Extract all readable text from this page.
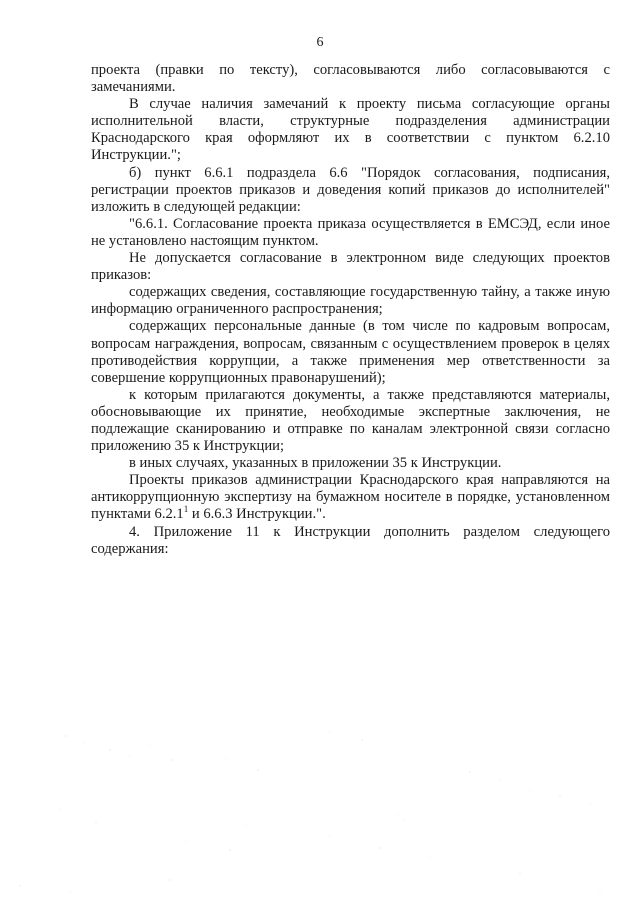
6

проекта (правки по тексту), согласовываются либо согласовываются с замечаниями.

В случае наличия замечаний к проекту письма согласующие органы исполнительной власти, структурные подразделения администрации Краснодарского края оформляют их в соответствии с пунктом 6.2.10 Инструкции.";

б) пункт 6.6.1 подраздела 6.6 "Порядок согласования, подписания, регистрации проектов приказов и доведения копий приказов до исполнителей" изложить в следующей редакции:

"6.6.1. Согласование проекта приказа осуществляется в ЕМСЭД, если иное не установлено настоящим пунктом.

Не допускается согласование в электронном виде следующих проектов приказов:

содержащих сведения, составляющие государственную тайну, а также иную информацию ограниченного распространения;

содержащих персональные данные (в том числе по кадровым вопросам, вопросам награждения, вопросам, связанным с осуществлением проверок в целях противодействия коррупции, а также применения мер ответственности за совершение коррупционных правонарушений);

к которым прилагаются документы, а также представляются материалы, обосновывающие их принятие, необходимые экспертные заключения, не подлежащие сканированию и отправке по каналам электронной связи согласно приложению 35 к Инструкции;

в иных случаях, указанных в приложении 35 к Инструкции.

Проекты приказов администрации Краснодарского края направляются на антикоррупционную экспертизу на бумажном носителе в порядке, установленном пунктами 6.2.1$^1$ и 6.6.3 Инструкции.".

4. Приложение 11 к Инструкции дополнить разделом следующего содержания:
